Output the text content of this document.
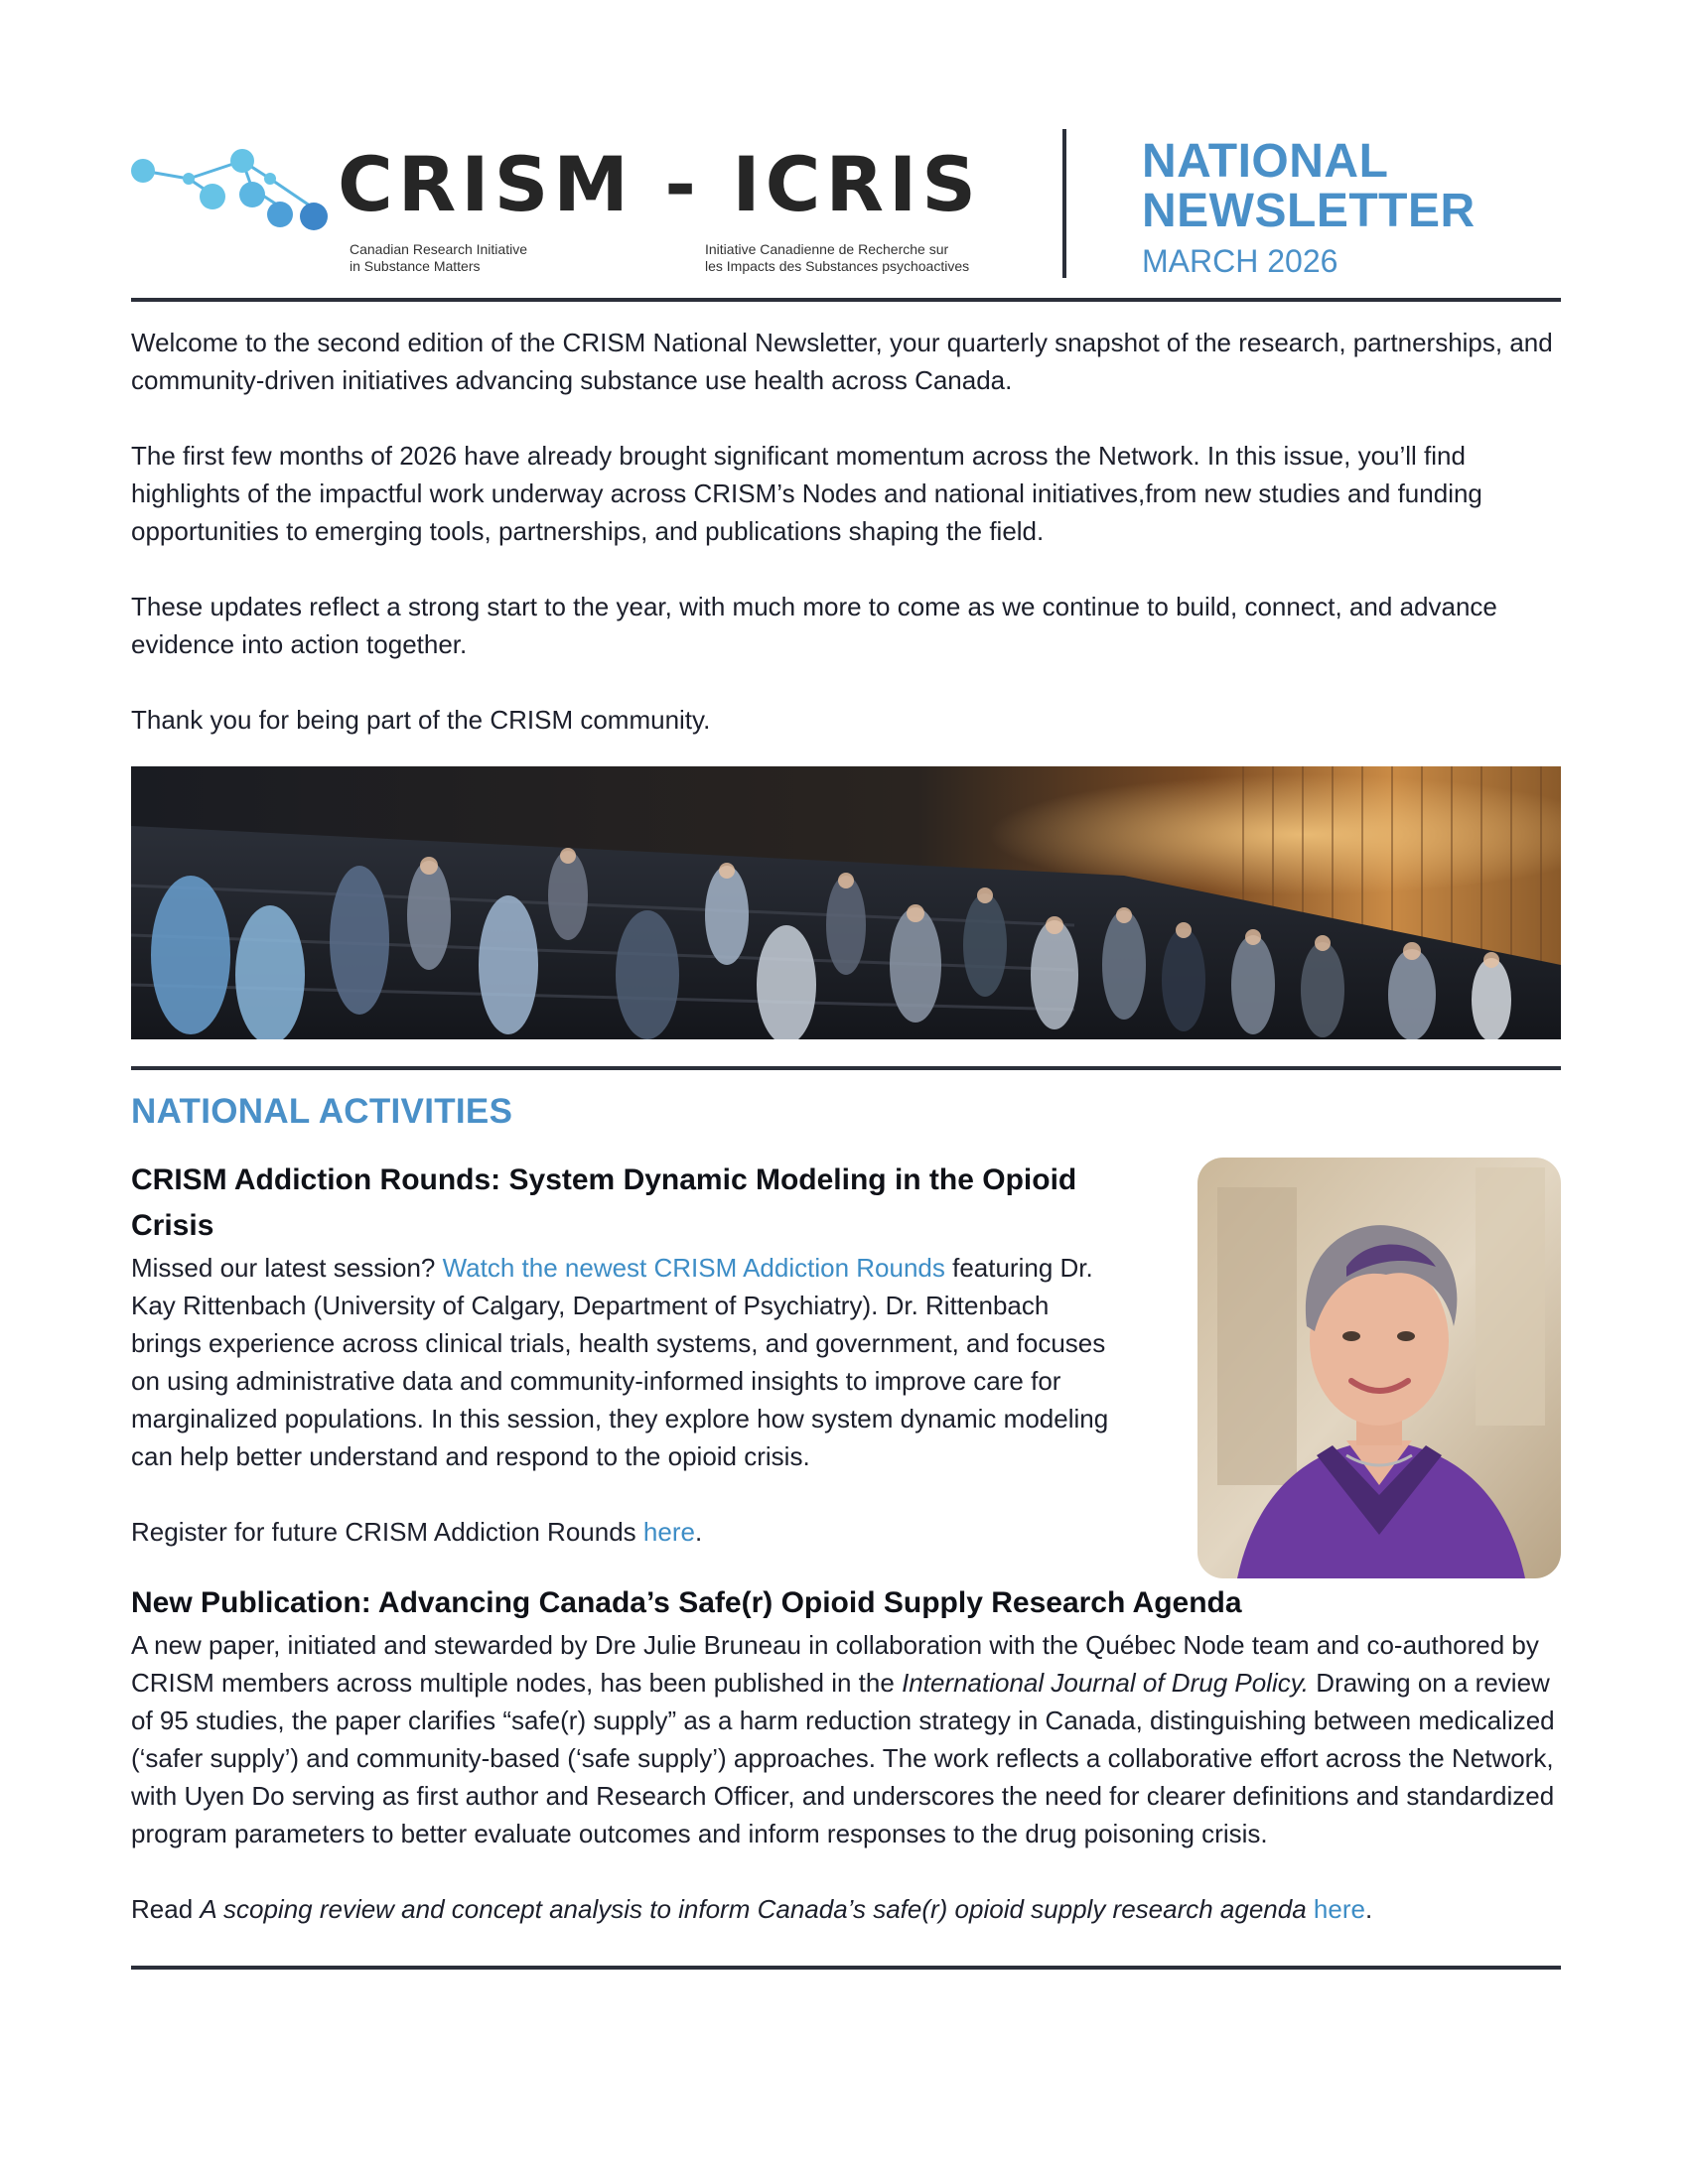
CRISM - ICRIS
Canadian Research Initiative
in Substance Matters
Initiative Canadienne de Recherche sur
les Impacts des Substances psychoactives
NATIONAL
NEWSLETTER
MARCH 2026

Welcome to the second edition of the CRISM National Newsletter, your quarterly snapshot of the research, partnerships, and community-driven initiatives advancing substance use health across Canada.

The first few months of 2026 have already brought significant momentum across the Network. In this issue, you’ll find highlights of the impactful work underway across CRISM’s Nodes and national initiatives,from new studies and funding opportunities to emerging tools, partnerships, and publications shaping the field.

These updates reflect a strong start to the year, with much more to come as we continue to build, connect, and advance evidence into action together.

Thank you for being part of the CRISM community.

NATIONAL ACTIVITIES
CRISM Addiction Rounds: System Dynamic Modeling in the Opioid Crisis

Missed our latest session? Watch the newest CRISM Addiction Rounds featuring Dr. Kay Rittenbach (University of Calgary, Department of Psychiatry). Dr. Rittenbach brings experience across clinical trials, health systems, and government, and focuses on using administrative data and community-informed insights to improve care for marginalized populations. In this session, they explore how system dynamic modeling can help better understand and respond to the opioid crisis.

Register for future CRISM Addiction Rounds here.

New Publication: Advancing Canada’s Safe(r) Opioid Supply Research Agenda

A new paper, initiated and stewarded by Dre Julie Bruneau in collaboration with the Québec Node team and co-authored by CRISM members across multiple nodes, has been published in the International Journal of Drug Policy. Drawing on a review of 95 studies, the paper clarifies “safe(r) supply” as a harm reduction strategy in Canada, distinguishing between medicalized (‘safer supply’) and community-based (‘safe supply’) approaches. The work reflects a collaborative effort across the Network, with Uyen Do serving as first author and Research Officer, and underscores the need for clearer definitions and standardized program parameters to better evaluate outcomes and inform responses to the drug poisoning crisis.

Read A scoping review and concept analysis to inform Canada’s safe(r) opioid supply research agenda here.
